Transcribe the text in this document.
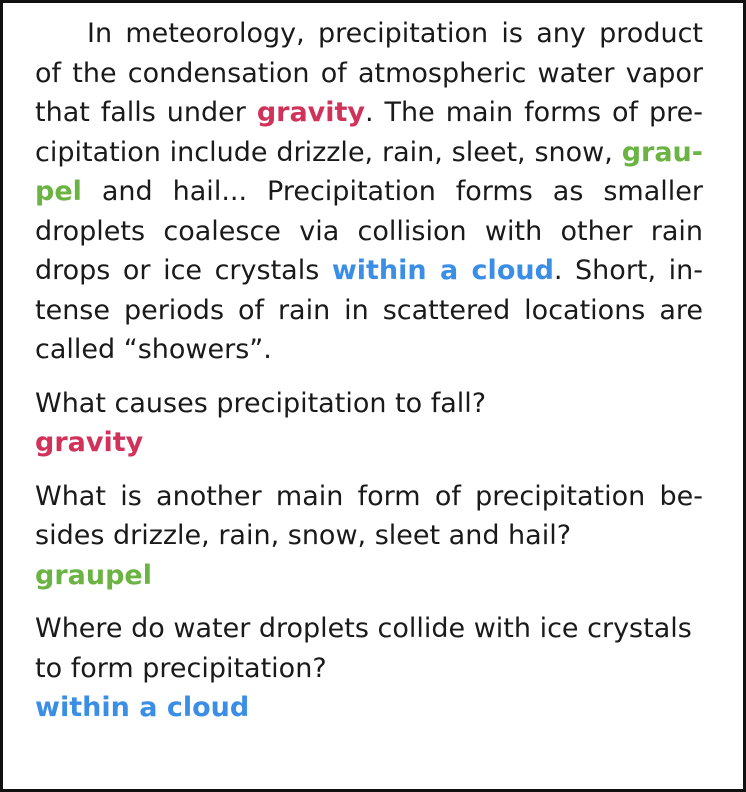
In meteorology, precipitation is any product of the condensation of atmospheric water vapor that falls under gravity. The main forms of precipitation include drizzle, rain, sleet, snow, graupel and hail... Precipitation forms as smaller droplets coalesce via collision with other rain drops or ice crystals within a cloud. Short, intense periods of rain in scattered locations are called “showers”.

What causes precipitation to fall?

gravity

What is another main form of precipitation besides drizzle, rain, snow, sleet and hail?

graupel

Where do water droplets collide with ice crystals to form precipitation?

within a cloud
